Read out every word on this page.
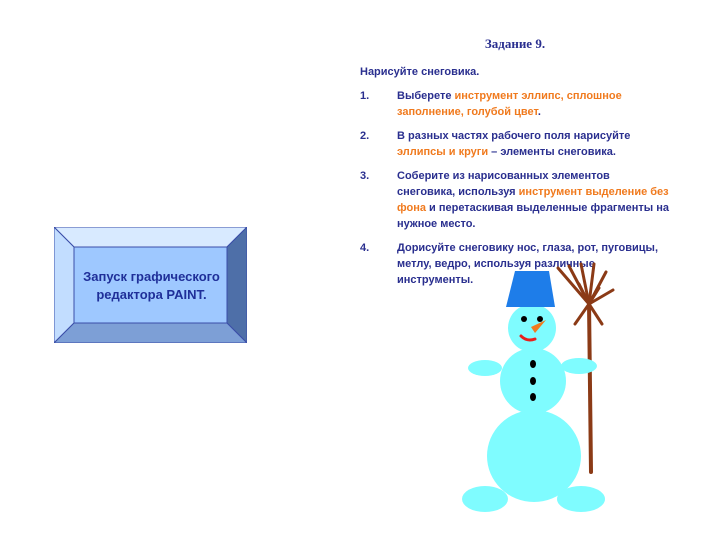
Запуск графического
редактора PAINT.
Задание 9.
Нарисуйте снеговика.
1.	Выберете инструмент эллипс, сплошное заполнение, голубой цвет.
2.	В разных частях рабочего поля нарисуйте эллипсы и круги – элементы снеговика.
3.	Соберите из нарисованных элементов снеговика, используя инструмент выделение без фона и перетаскивая выделенные фрагменты на нужное место.
4.	Дорисуйте снеговику нос, глаза, рот, пуговицы, метлу, ведро, используя различные инструменты.
